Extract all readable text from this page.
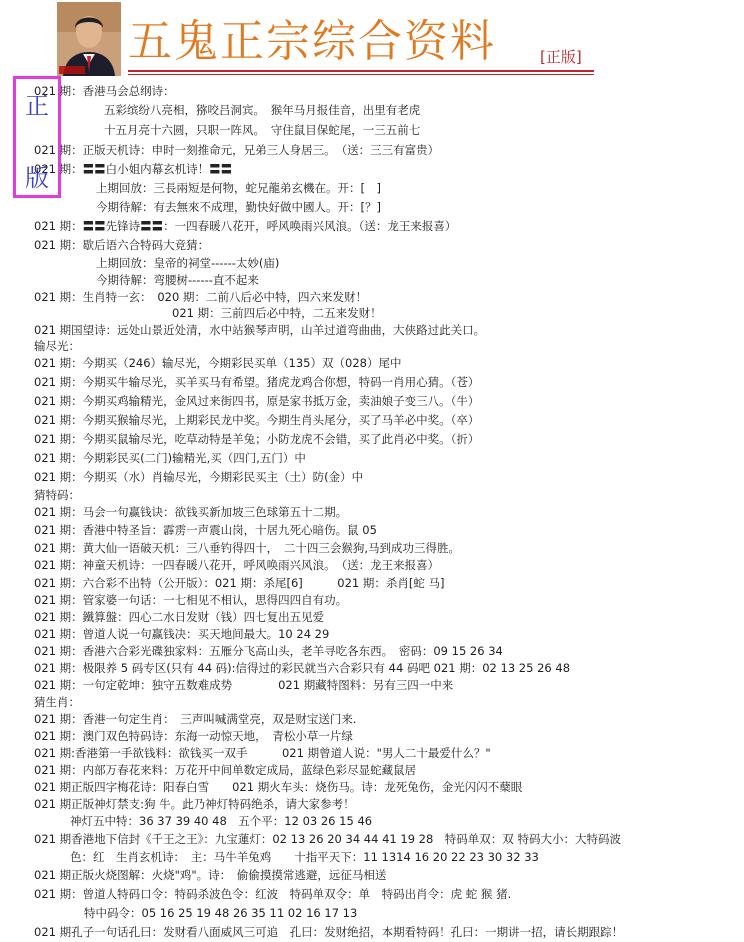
五鬼正宗综合资料	[正版]
正
版
021 期：香港马会总纲诗：
五彩缤纷八亮相，猕咬吕洞宾。　猴年马月报佳音，出里有老虎
十五月亮十六圆，只职一阵风。　守住鼠目保蛇尾，一三五前七
021 期：正版天机诗：申时一刻推命元，兄弟三人身居三。　（送：三三有富贵）
021 期：〓〓白小姐内幕玄机诗！〓〓
上期回放：三長兩短是何物，蛇兄龍弟玄機在。开：[　]
今期待解：有去無來不成理，勤快好做中國人。开：[？]
021 期：〓〓先锋诗〓〓：一四春暖八花开，呼风唤雨兴风浪。（送：龙王来报喜）
021 期：歇后语六合特码大竞猜：
上期回放：皇帝的祠堂------太妙(庙)
今期待解：弯腰树------直不起来
021 期：生肖特一玄：　020 期：二前八后必中特，四六来发财！
021 期：三前四后必中特，二五来发财！
021 期国望诗：远处山景近处清，水中站猴琴声明，山羊过道弯曲曲，大侠路过此关口。
输尽光：
021 期：今期买（246）输尽光，今期彩民买单（135）双（028）尾中
021 期：今期买牛输尽光，买羊买马有希望。猪虎龙鸡合你想，特码一肖用心猜。（苍）
021 期：今期买鸡输精光，金风过来街四书，原是家书抵万金，卖油娘子变三八。（牛）
021 期：今期买猴输尽光，上期彩民龙中奖。今期生肖头尾分，买了马羊必中奖。（卒）
021 期：今期买鼠输尽光，吃草动特是羊兔；小防龙虎不会错，买了此肖必中奖。（折）
021 期：今期彩民买(二门)输精光,买（四门,五门）中
021 期：今期买（水）肖输尽光，今期彩民买主（土）防(金）中
猜特码：
021 期：马会一句赢钱诀：欲钱买新加坡三色球第五十二期。
021 期：香港中特圣旨：霹雳一声震山岗，十居九死心暗伤。鼠 05
021 期：黄大仙一语破天机：三八垂钓得四十，　二十四三会猴狗,马到成功三得胜。
021 期：神童天机诗：一四春暖八花开，呼风唤雨兴风浪。　（送：龙王来报喜）
021 期：六合彩不出特（公开版）：021 期：杀尾[6]　　　021 期：杀肖[蛇 马]
021 期：管家婆一句话：一七相见不相认，思得四四自有功。
021 期：鐵算盤：四心二水日发财（钱）四七复出五见爱
021 期：曾道人说一句赢钱决：买天地间最大。10 24 29
021 期：香港六合彩光碟独家料：五雁分飞高山头，老羊寻吃各东西。　密码：09 15 26 34
021 期：极限养 5 码专区(只有 44 码):信得过的彩民就当六合彩只有 44 码吧 021 期：02 13 25 26 48
021 期：一句定乾坤：独守五数难成势　　　　021 期藏特图料：另有三四一中来
猜生肖：
021 期：香港一句定生肖：　三声叫喊满堂亮，双是财宝送门来.
021 期：澳门双色特码诗：东海一动惊天地，　青松小草一片绿
021 期:香港第一手欲钱料：欲钱买一双手　　　021 期曾道人说："男人二十最爱什么？"
021 期：内部万春花来料：万花开中间单数定成局，蓝绿色彩尽显蛇藏鼠居
021 期正版四字梅花诗：阳春白雪　　021 期火车头：烧伤马。诗：龙死兔伤，金光闪闪不蘖眼
021 期正版神灯禁支:狗 牛。此乃神灯特码绝杀，请大家参考！
神灯五中特：36 37 39 40 48　五个平：12 03 26 15 46
021 期香港地下信封《千王之王》：九宝蓮灯：02 13 26 20 34 44 41 19 28　特码单双：双 特码大小：大特码波
色：红　生肖玄机诗：　主：马牛羊兔鸡　　十指平天下：11 1314 16 20 22 23 30 32 33
021 期正版火烧图解：火烧"鸡"。诗：　偷偷摸摸常逃避，远征马相送
021 期：曾道人特码口令：特码杀波色令：红波　特码单双令：单　特码出肖令：虎 蛇 猴 猪.
特中码令：05 16 25 19 48 26 35 11 02 16 17 13
021 期孔子一句话孔曰：发财看八面威风三可追　孔曰：发财绝招，本期看特码！孔曰：一期讲一招，请长期跟踪！
